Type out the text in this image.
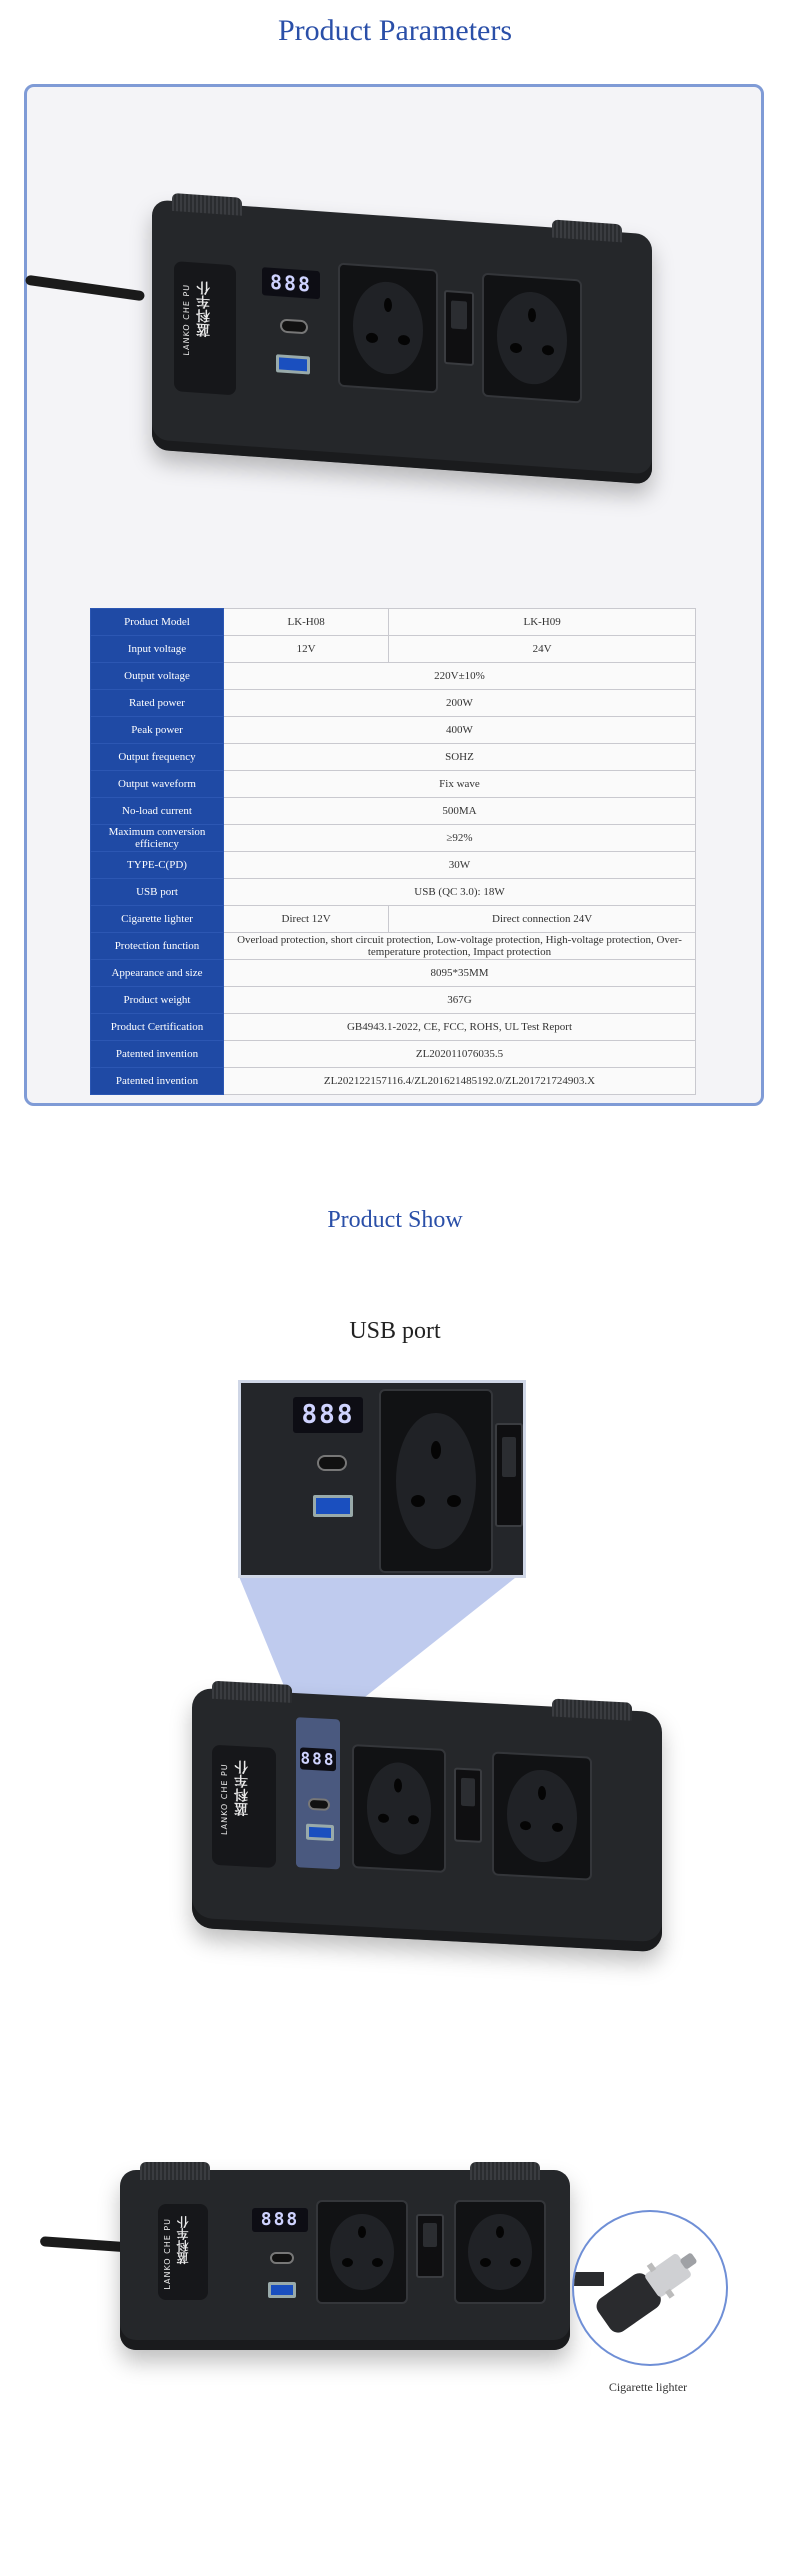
Product Parameters
蓝科车仆
LANKO CHE PU
888
Product Model	LK-H08	LK-H09
Input voltage	12V	24V
Output voltage	220V±10%	
Rated power	200W	
Peak power	400W	
Output frequency	SOHZ	
Output waveform	Fix wave	
No-load current	500MA	
Maximum conversion efficiency	≥92%	
TYPE-C(PD)	30W	
USB port	USB (QC 3.0): 18W	
Cigarette lighter	Direct 12V	Direct connection 24V
Protection function	Overload protection, short circuit protection, Low-voltage protection, High-voltage protection, Over-temperature protection, Impact protection	
Appearance and size	8095*35MM	
Product weight	367G	
Product Certification	GB4943.1-2022, CE, FCC, ROHS, UL Test Report	
Patented invention	ZL202011076035.5	
Patented invention	ZL202122157116.4/ZL201621485192.0/ZL201721724903.X	
Product Show
USB port
888
蓝科车仆
LANKO CHE PU
888
蓝科车仆
LANKO CHE PU	888
Cigarette lighter
